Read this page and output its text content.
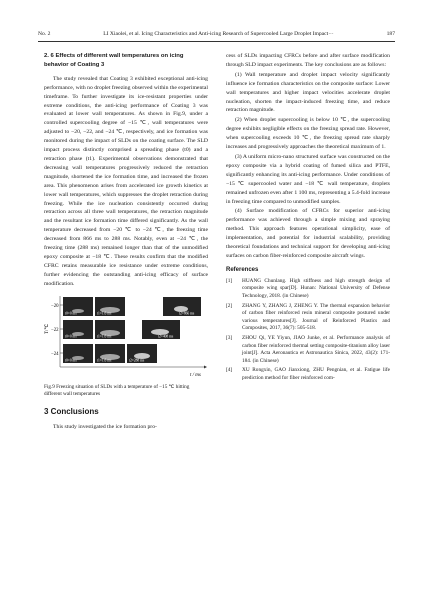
No. 2	LI Xiaolei, et al. Icing Characteristics and Anti-icing Research of Supercooled Large Droplet Impact···	187
2. 6 Effects of different wall temperatures on icing behavior of Coating 3

The study revealed that Coating 3 exhibited exceptional anti-icing performance, with no droplet freezing observed within the experimental timeframe. To further investigate its ice-resistant properties under extreme conditions, the anti-icing performance of Coating 3 was evaluated at lower wall temperatures. As shown in Fig.9, under a controlled supercooling degree of −15 ℃, wall temperatures were adjusted to −20, −22, and −24 ℃, respectively, and ice formation was monitored during the impact of SLDs on the coating surface. The SLD impact process distinctly comprised a spreading phase (t0) and a retraction phase (t1). Experimental observations demonstrated that decreasing wall temperatures progressively reduced the retraction magnitude, shortened the ice formation time, and increased the frozen area. This phenomenon arises from accelerated ice growth kinetics at lower wall temperatures, which suppresses the droplet retraction during freezing. While the ice nucleation consistently occurred during retraction across all three wall temperatures, the retraction magnitude and the resultant ice formation time differed significantly. As the wall temperature decreased from −20 ℃ to −24 ℃, the freezing time decreased from 866 ms to 288 ms. Notably, even at −24 ℃, the freezing time (288 ms) remained longer than that of the unmodified epoxy composite at −18 ℃. These results confirm that the modified CFRC retains measurable ice resistance under extreme conditions, further evidencing the outstanding anti-icing efficacy of surface modification.

T/℃
t / ms
−20
t0=0 ms	t1=1.6 ms	t2=866 ms
−22
t0=0 ms	t1=1.6 ms	t2=408 ms
−24
t0=0 ms	t1=1.6 ms	t2=288 ms
Fig.9 Freezing situation of SLDs with a temperature of −15 ℃ hitting different wall temperatures
3 Conclusions

This study investigated the ice formation pro-

cess of SLDs impacting CFRCs before and after surface modification through SLD impact experiments. The key conclusions are as follows:

(1) Wall temperature and droplet impact velocity significantly influence ice formation characteristics on the composite surface: Lower wall temperatures and higher impact velocities accelerate droplet nucleation, shorten the impact-induced freezing time, and reduce retraction magnitude.

(2) When droplet supercooling is below 10 ℃, the supercooling degree exhibits negligible effects on the freezing spread rate. However, when supercooling exceeds 10 ℃, the freezing spread rate sharply increases and progressively approaches the theoretical maximum of 1.

(3) A uniform micro-nano structured surface was constructed on the epoxy composite via a hybrid coating of fumed silica and PTFE, significantly enhancing its anti-icing performance. Under conditions of −15 ℃ supercooled water and −18 ℃ wall temperature, droplets remained unfrozen even after 1 100 ms, representing a 5.4-fold increase in freezing time compared to unmodified samples.

(4) Surface modification of CFRCs for superior anti-icing performance was achieved through a simple mixing and spraying method. This approach features operational simplicity, ease of implementation, and potential for industrial scalability, providing theoretical foundations and technical support for developing anti-icing surfaces on carbon fiber-reinforced composite aircraft wings.

References
[1]	HUANG Chunlang. High stiffness and high strength design of composite wing spar[D]. Hunan: National University of Defense Technology, 2018. (in Chinese)
[2]	ZHANG Y, ZHANG J, ZHENG Y. The thermal expansion behavior of carbon fiber reinforced resin mineral composite postured under various temperatures[J]. Journal of Reinforced Plastics and Composites, 2017, 36(7): 505-518.
[3]	ZHOU Qi, YE Yiyun, JIAO Junke, et al. Performance analysis of carbon fiber reinforced thermal setting composite-titanium alloy laser joint[J]. Acta Aeronautica et Astronautica Sinica, 2022, 43(2): 171-184. (in Chinese)
[4]	XU Rongxin, GAO Jianxiong, ZHU Pengnian, et al. Fatigue life prediction method for fiber reinforced com-
